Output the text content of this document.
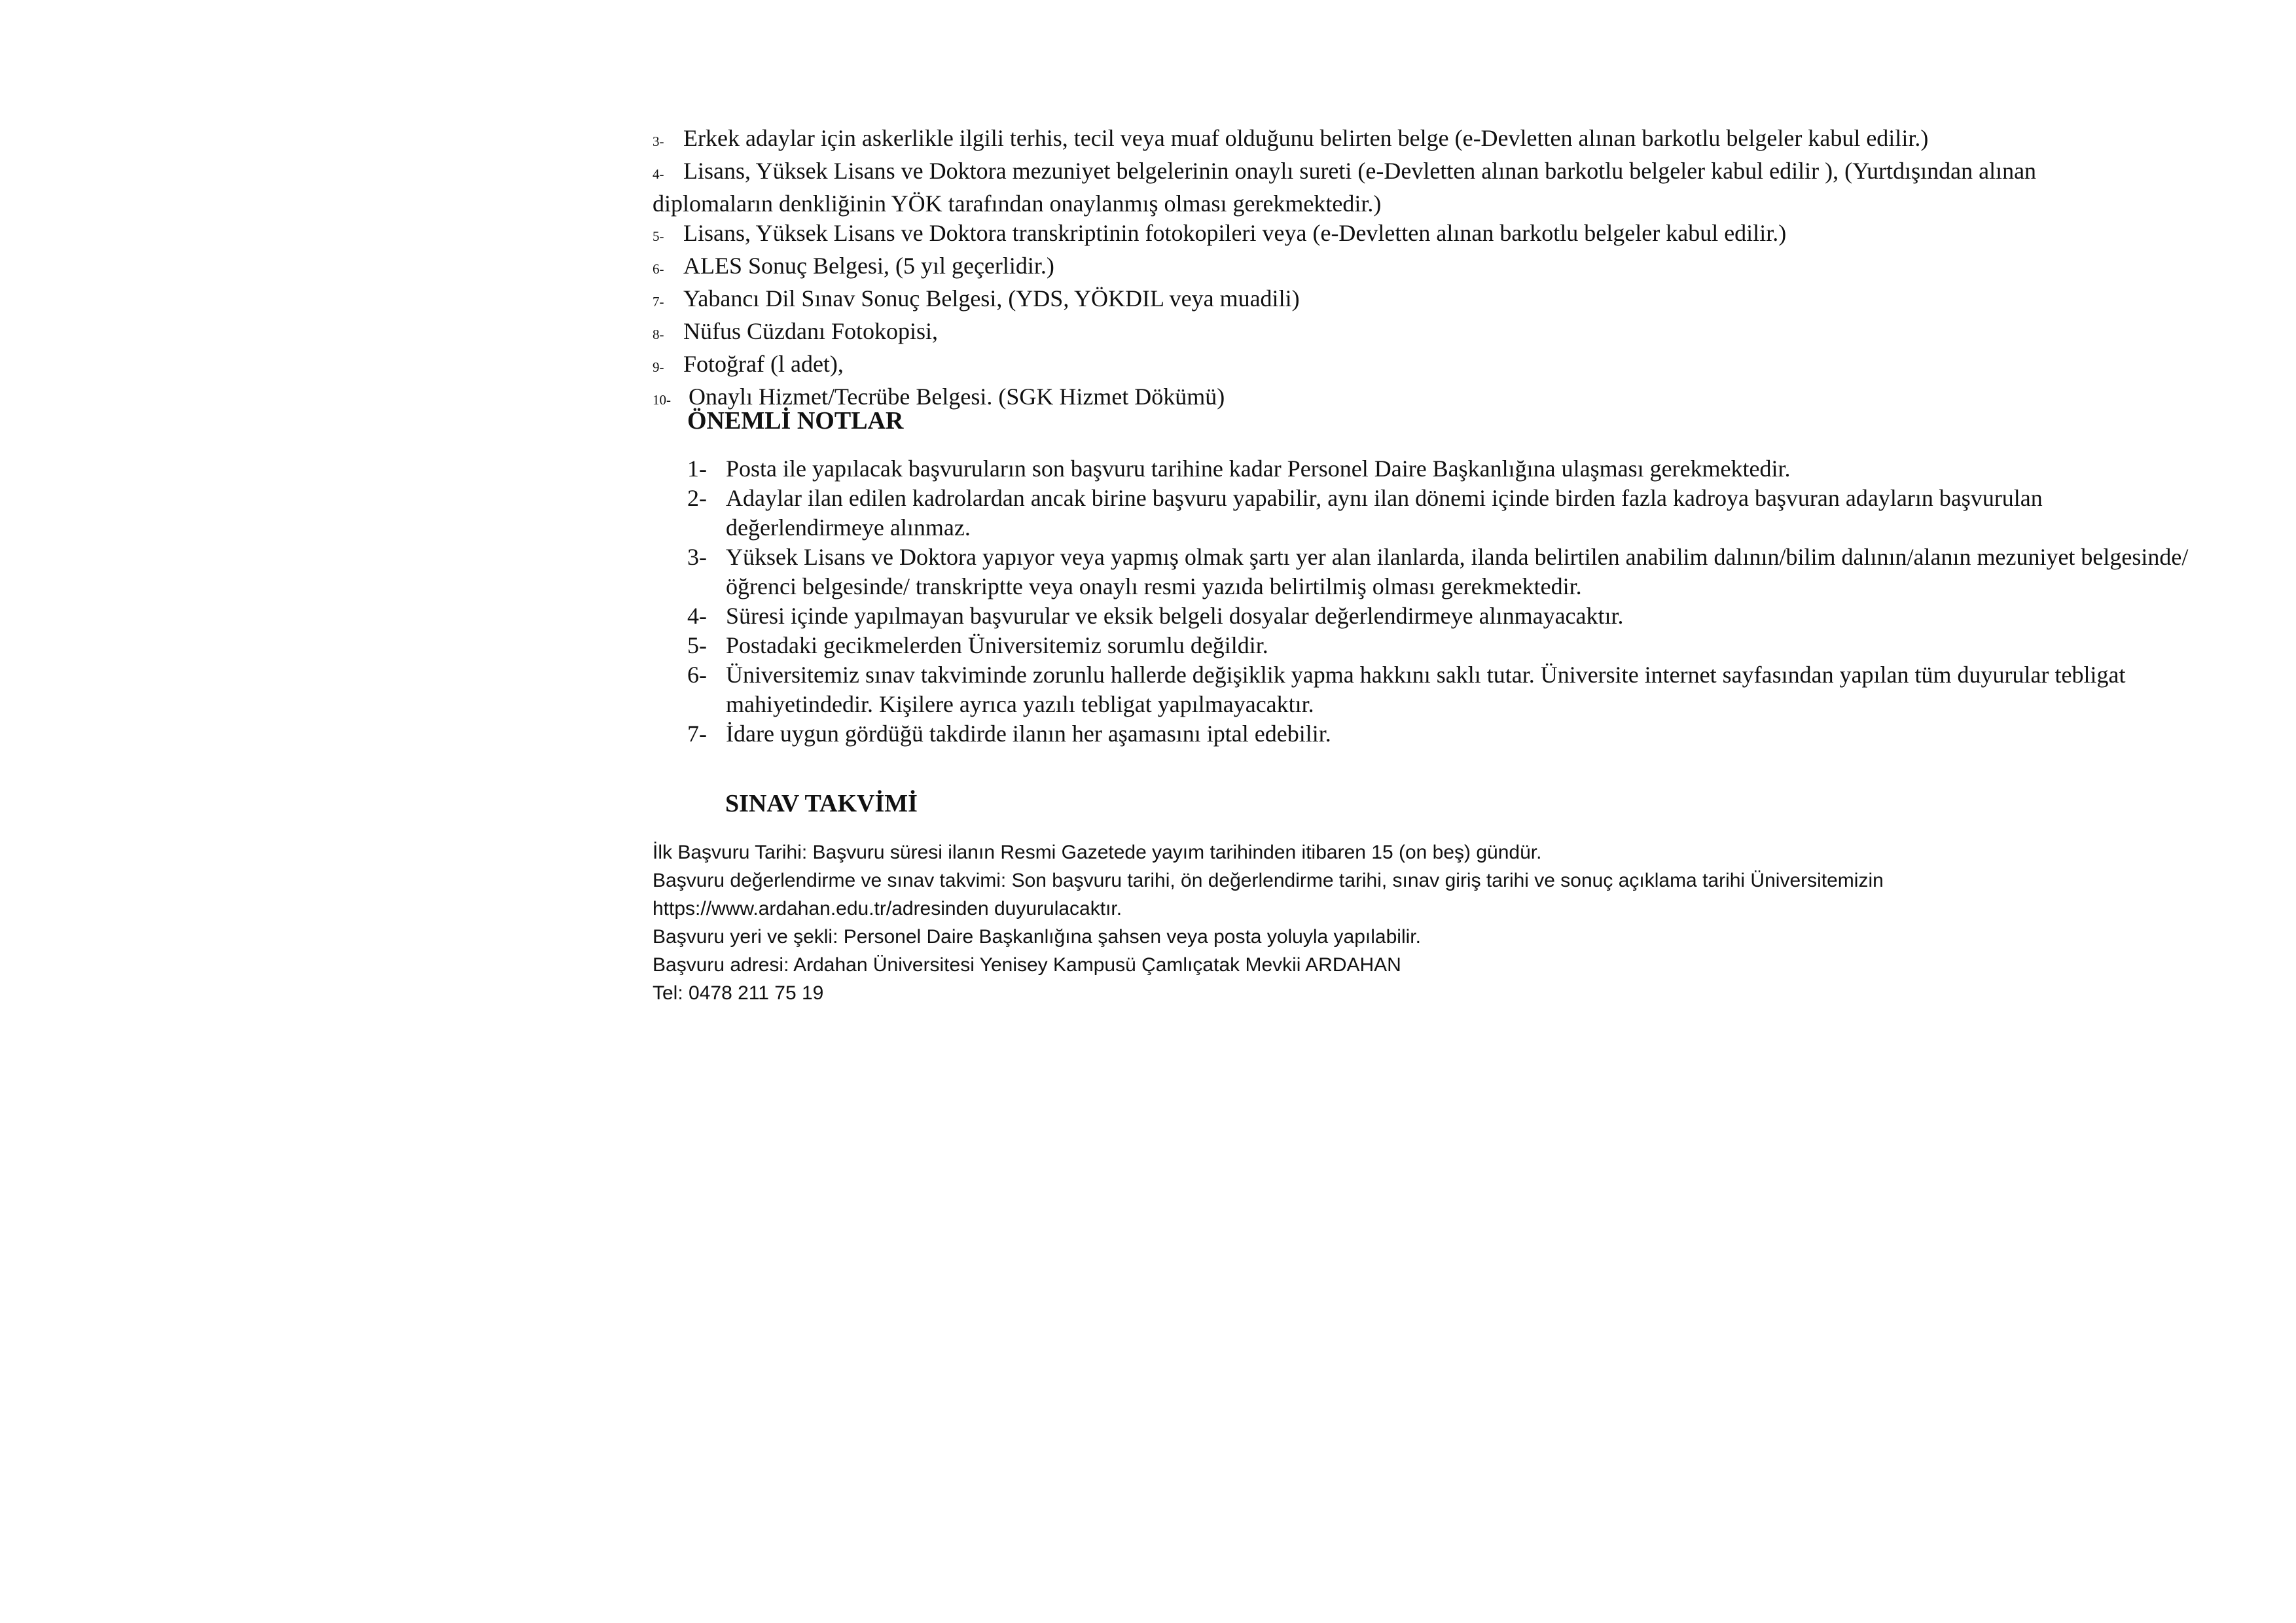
3- Erkek adaylar için askerlikle ilgili terhis, tecil veya muaf olduğunu belirten belge (e-Devletten alınan barkotlu belgeler kabul edilir.)
4- Lisans, Yüksek Lisans ve Doktora mezuniyet belgelerinin onaylı sureti (e-Devletten alınan barkotlu belgeler kabul edilir ), (Yurtdışından alınan
diplomaların denkliğinin YÖK tarafından onaylanmış olması gerekmektedir.)
5- Lisans, Yüksek Lisans ve Doktora transkriptinin fotokopileri veya (e-Devletten alınan barkotlu belgeler kabul edilir.)
6- ALES Sonuç Belgesi, (5 yıl geçerlidir.)
7- Yabancı Dil Sınav Sonuç Belgesi, (YDS, YÖKDIL veya muadili)
8- Nüfus Cüzdanı Fotokopisi,
9- Fotoğraf (l adet),
10- Onaylı Hizmet/Tecrübe Belgesi. (SGK Hizmet Dökümü)
ÖNEMLİ NOTLAR
1- Posta ile yapılacak başvuruların son başvuru tarihine kadar Personel Daire Başkanlığına ulaşması gerekmektedir.
2- Adaylar ilan edilen kadrolardan ancak birine başvuru yapabilir, aynı ilan dönemi içinde birden fazla kadroya başvuran adayların başvurulan değerlendirmeye alınmaz.
3- Yüksek Lisans ve Doktora yapıyor veya yapmış olmak şartı yer alan ilanlarda, ilanda belirtilen anabilim dalının/bilim dalının/alanın mezuniyet belgesinde/öğrenci belgesinde/ transkriptte veya onaylı resmi yazıda belirtilmiş olması gerekmektedir.
4- Süresi içinde yapılmayan başvurular ve eksik belgeli dosyalar değerlendirmeye alınmayacaktır.
5- Postadaki gecikmelerden Üniversitemiz sorumlu değildir.
6- Üniversitemiz sınav takviminde zorunlu hallerde değişiklik yapma hakkını saklı tutar. Üniversite internet sayfasından yapılan tüm duyurular tebligat mahiyetindedir. Kişilere ayrıca yazılı tebligat yapılmayacaktır.
7- İdare uygun gördüğü takdirde ilanın her aşamasını iptal edebilir.
SINAV TAKVİMİ
İlk Başvuru Tarihi: Başvuru süresi ilanın Resmi Gazetede yayım tarihinden itibaren 15 (on beş) gündür.
Başvuru değerlendirme ve sınav takvimi: Son başvuru tarihi, ön değerlendirme tarihi, sınav giriş tarihi ve sonuç açıklama tarihi Üniversitemizin
https://www.ardahan.edu.tr/adresinden duyurulacaktır.
Başvuru yeri ve şekli: Personel Daire Başkanlığına şahsen veya posta yoluyla yapılabilir.
Başvuru adresi: Ardahan Üniversitesi Yenisey Kampusü Çamlıçatak Mevkii ARDAHAN
Tel: 0478 211 75 19
